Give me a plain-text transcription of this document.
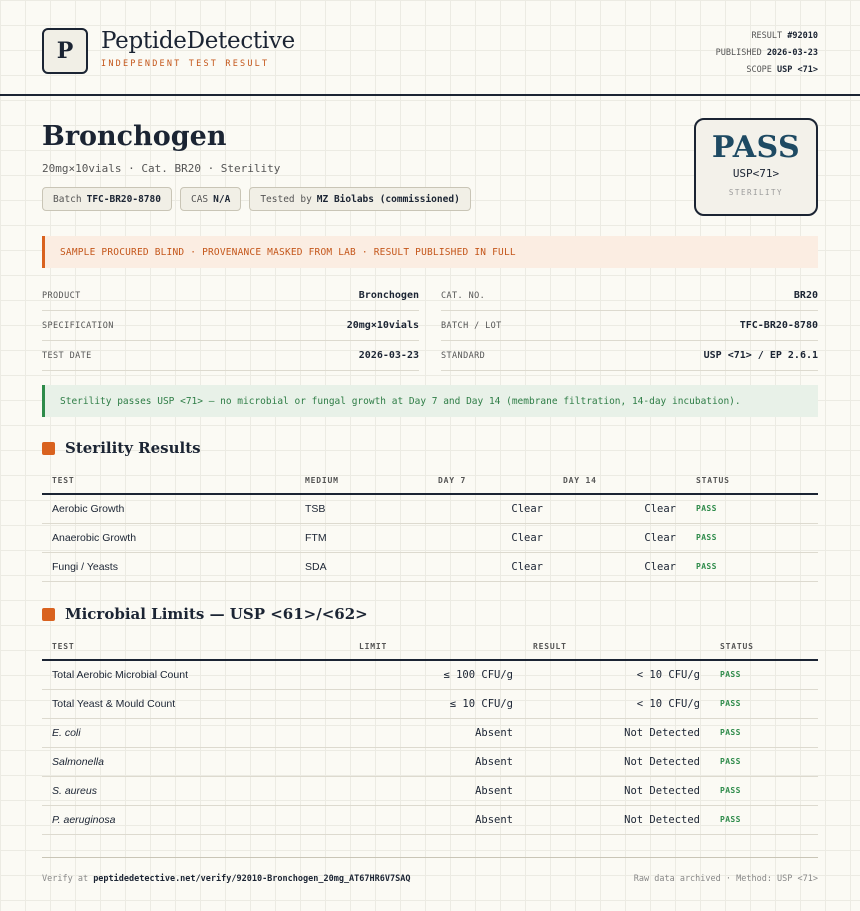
P	PeptideDetective
INDEPENDENT TEST RESULT
RESULT #92010
PUBLISHED 2026-03-23
SCOPE USP <71>
Bronchogen
20mg×10vials · Cat. BR20 · Sterility
Batch TFC-BR20-8780	CAS N/A	Tested by MZ Biolabs (commissioned)
PASS
USP<71>
STERILITY
SAMPLE PROCURED BLIND · PROVENANCE MASKED FROM LAB · RESULT PUBLISHED IN FULL
PRODUCT	Bronchogen	CAT. NO.	BR20
SPECIFICATION	20mg×10vials	BATCH / LOT	TFC-BR20-8780
TEST DATE	2026-03-23	STANDARD	USP <71> / EP 2.6.1
Sterility passes USP <71> — no microbial or fungal growth at Day 7 and Day 14 (membrane filtration, 14-day incubation).
Sterility Results
TEST	MEDIUM	DAY 7	DAY 14	STATUS
Aerobic Growth	TSB	Clear	Clear	PASS
Anaerobic Growth	FTM	Clear	Clear	PASS
Fungi / Yeasts	SDA	Clear	Clear	PASS
Microbial Limits — USP <61>/<62>
TEST	LIMIT	RESULT	STATUS
Total Aerobic Microbial Count	≤ 100 CFU/g	< 10 CFU/g	PASS
Total Yeast & Mould Count	≤ 10 CFU/g	< 10 CFU/g	PASS
E. coli	Absent	Not Detected	PASS
Salmonella	Absent	Not Detected	PASS
S. aureus	Absent	Not Detected	PASS
P. aeruginosa	Absent	Not Detected	PASS
Verify at peptidedetective.net/verify/92010-Bronchogen_20mg_AT67HR6V7SAQ	Raw data archived · Method: USP <71>
